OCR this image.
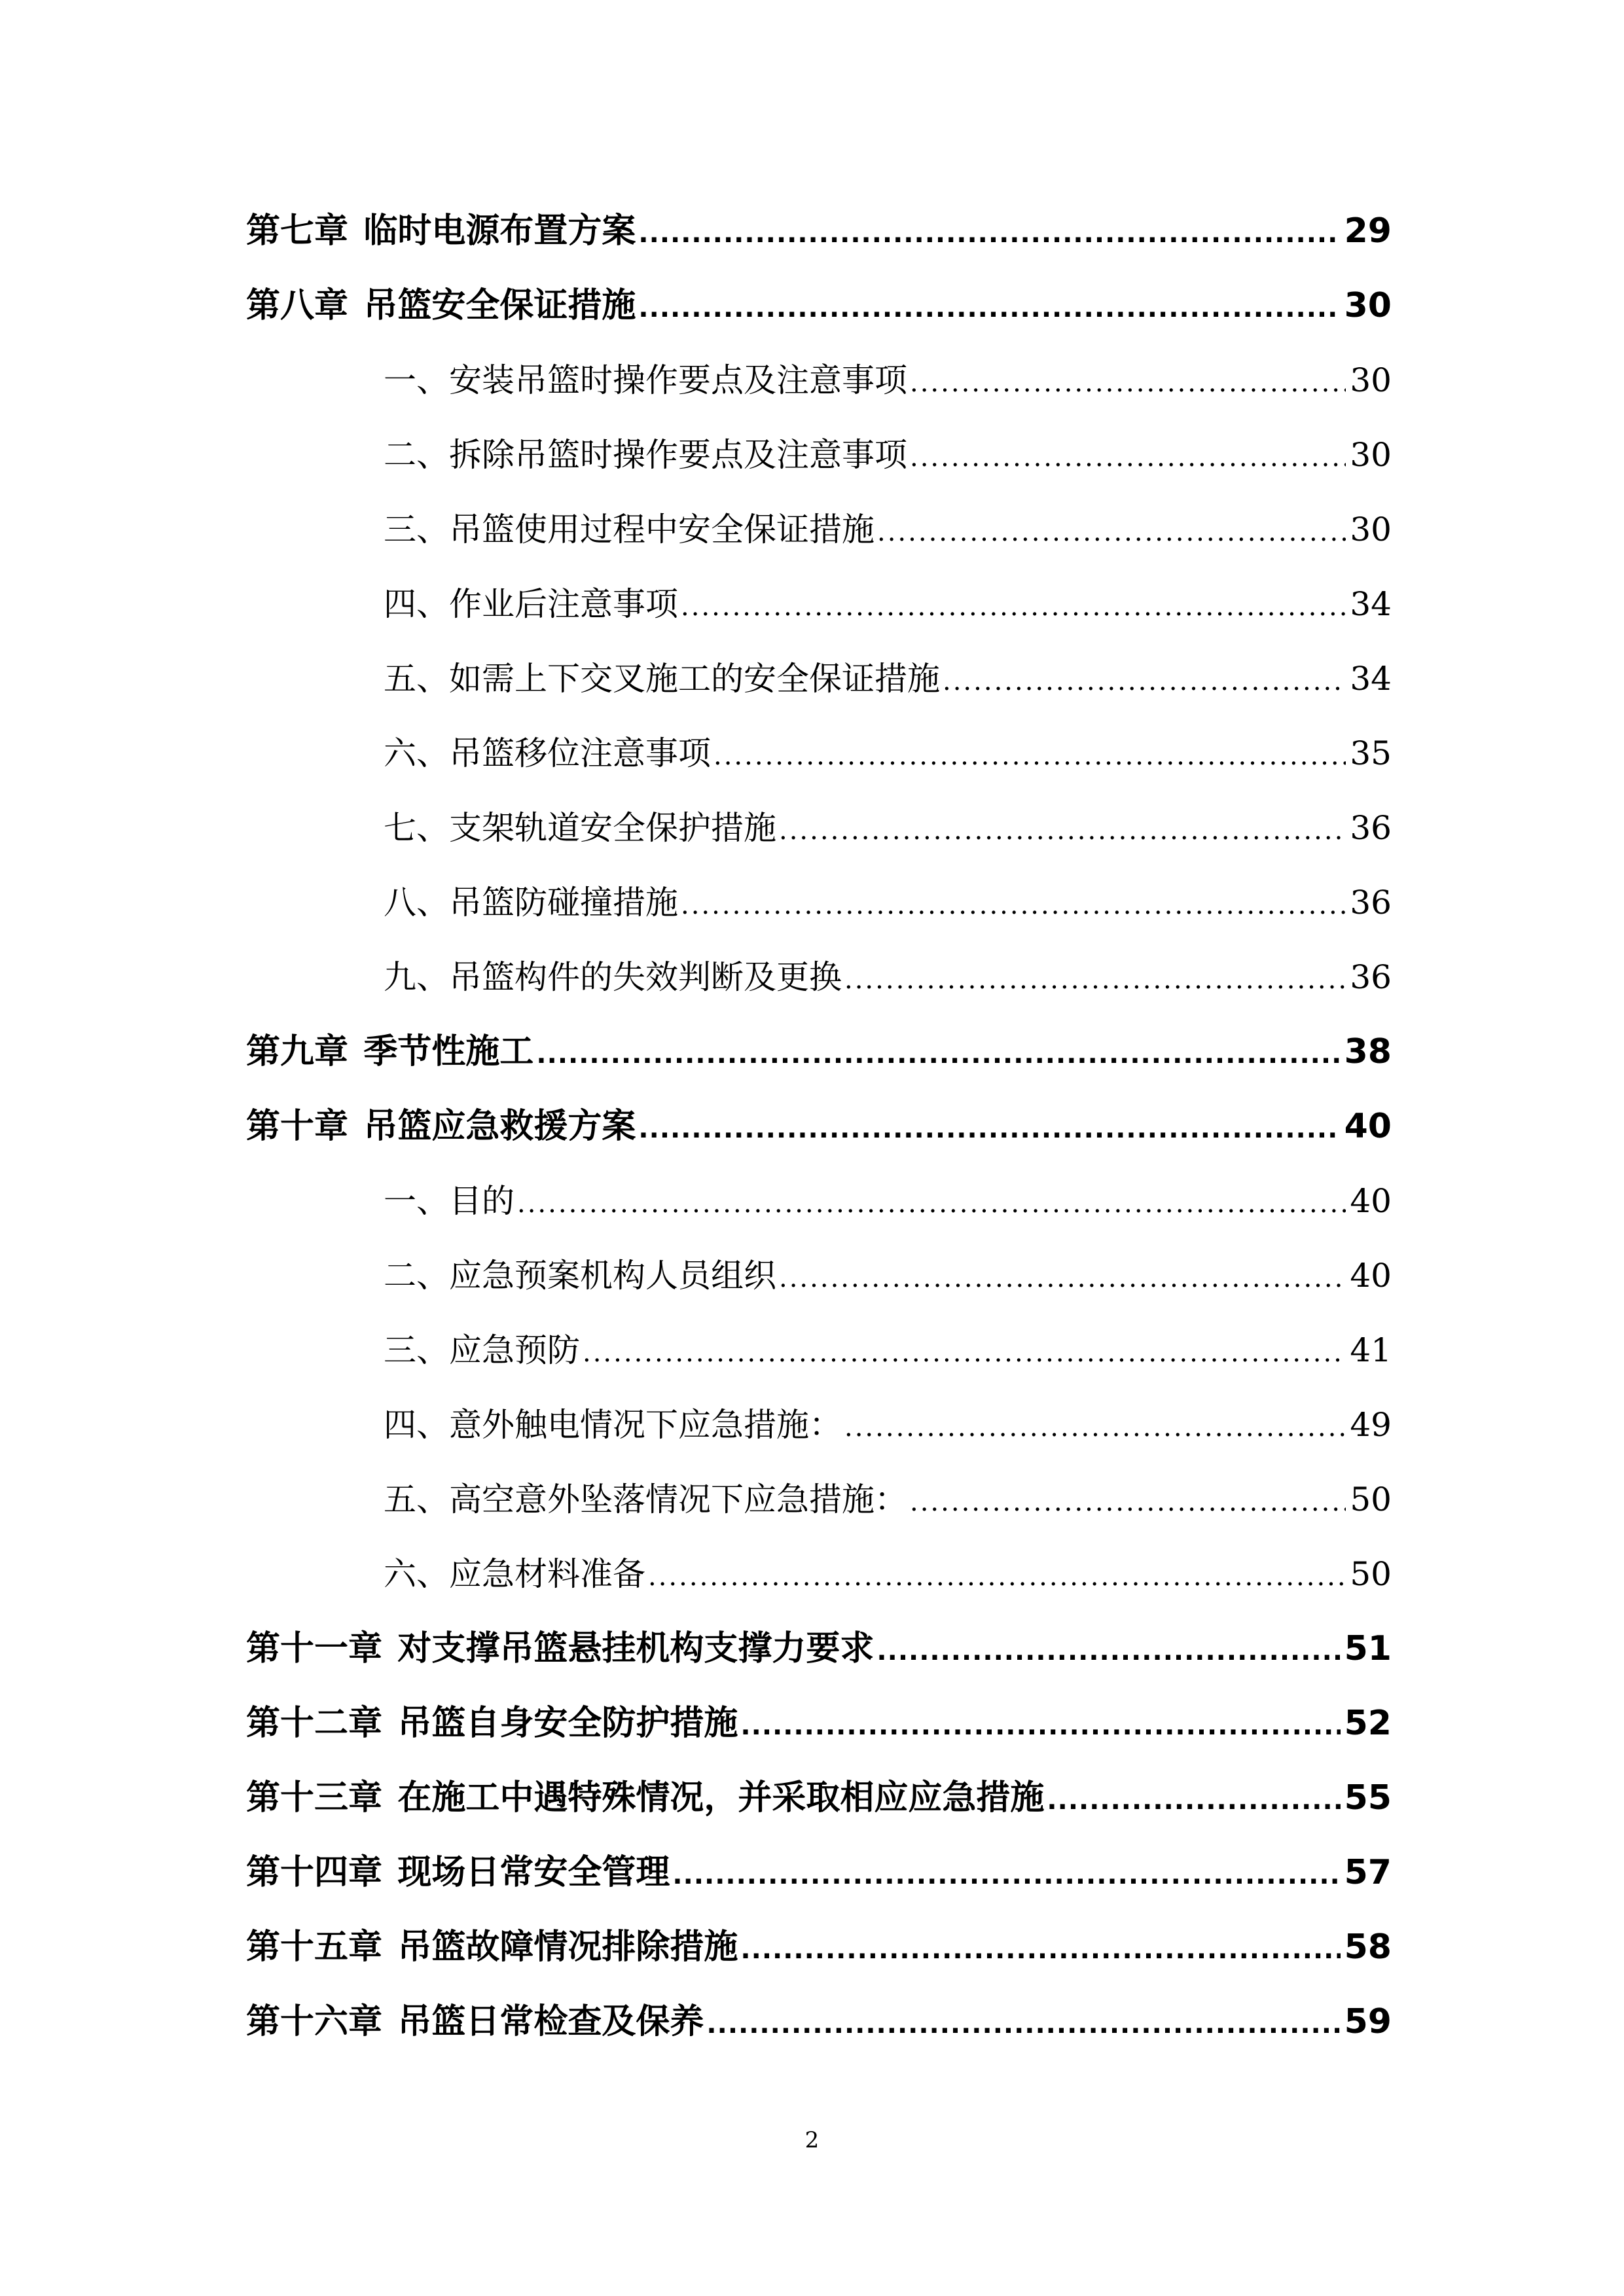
第七章 临时电源布置方案 .....	29
第八章 吊篮安全保证措施 .....	30
一、安装吊篮时操作要点及注意事项 .....	30
二、拆除吊篮时操作要点及注意事项 .....	30
三、吊篮使用过程中安全保证措施 .....	30
四、作业后注意事项 .....	34
五、如需上下交叉施工的安全保证措施 .....	34
六、吊篮移位注意事项 .....	35
七、支架轨道安全保护措施 .....	36
八、吊篮防碰撞措施 .....	36
九、吊篮构件的失效判断及更换 .....	36
第九章 季节性施工 .....	38
第十章 吊篮应急救援方案 .....	40
一、目的 .....	40
二、应急预案机构人员组织 .....	40
三、应急预防 .....	41
四、意外触电情况下应急措施： .....	49
五、高空意外坠落情况下应急措施： .....	50
六、应急材料准备 .....	50
第十一章 对支撑吊篮悬挂机构支撑力要求 .....	51
第十二章 吊篮自身安全防护措施 .....	52
第十三章 在施工中遇特殊情况，并采取相应应急措施 .....	55
第十四章 现场日常安全管理 .....	57
第十五章 吊篮故障情况排除措施 .....	58
第十六章 吊篮日常检查及保养 .....	59
2
